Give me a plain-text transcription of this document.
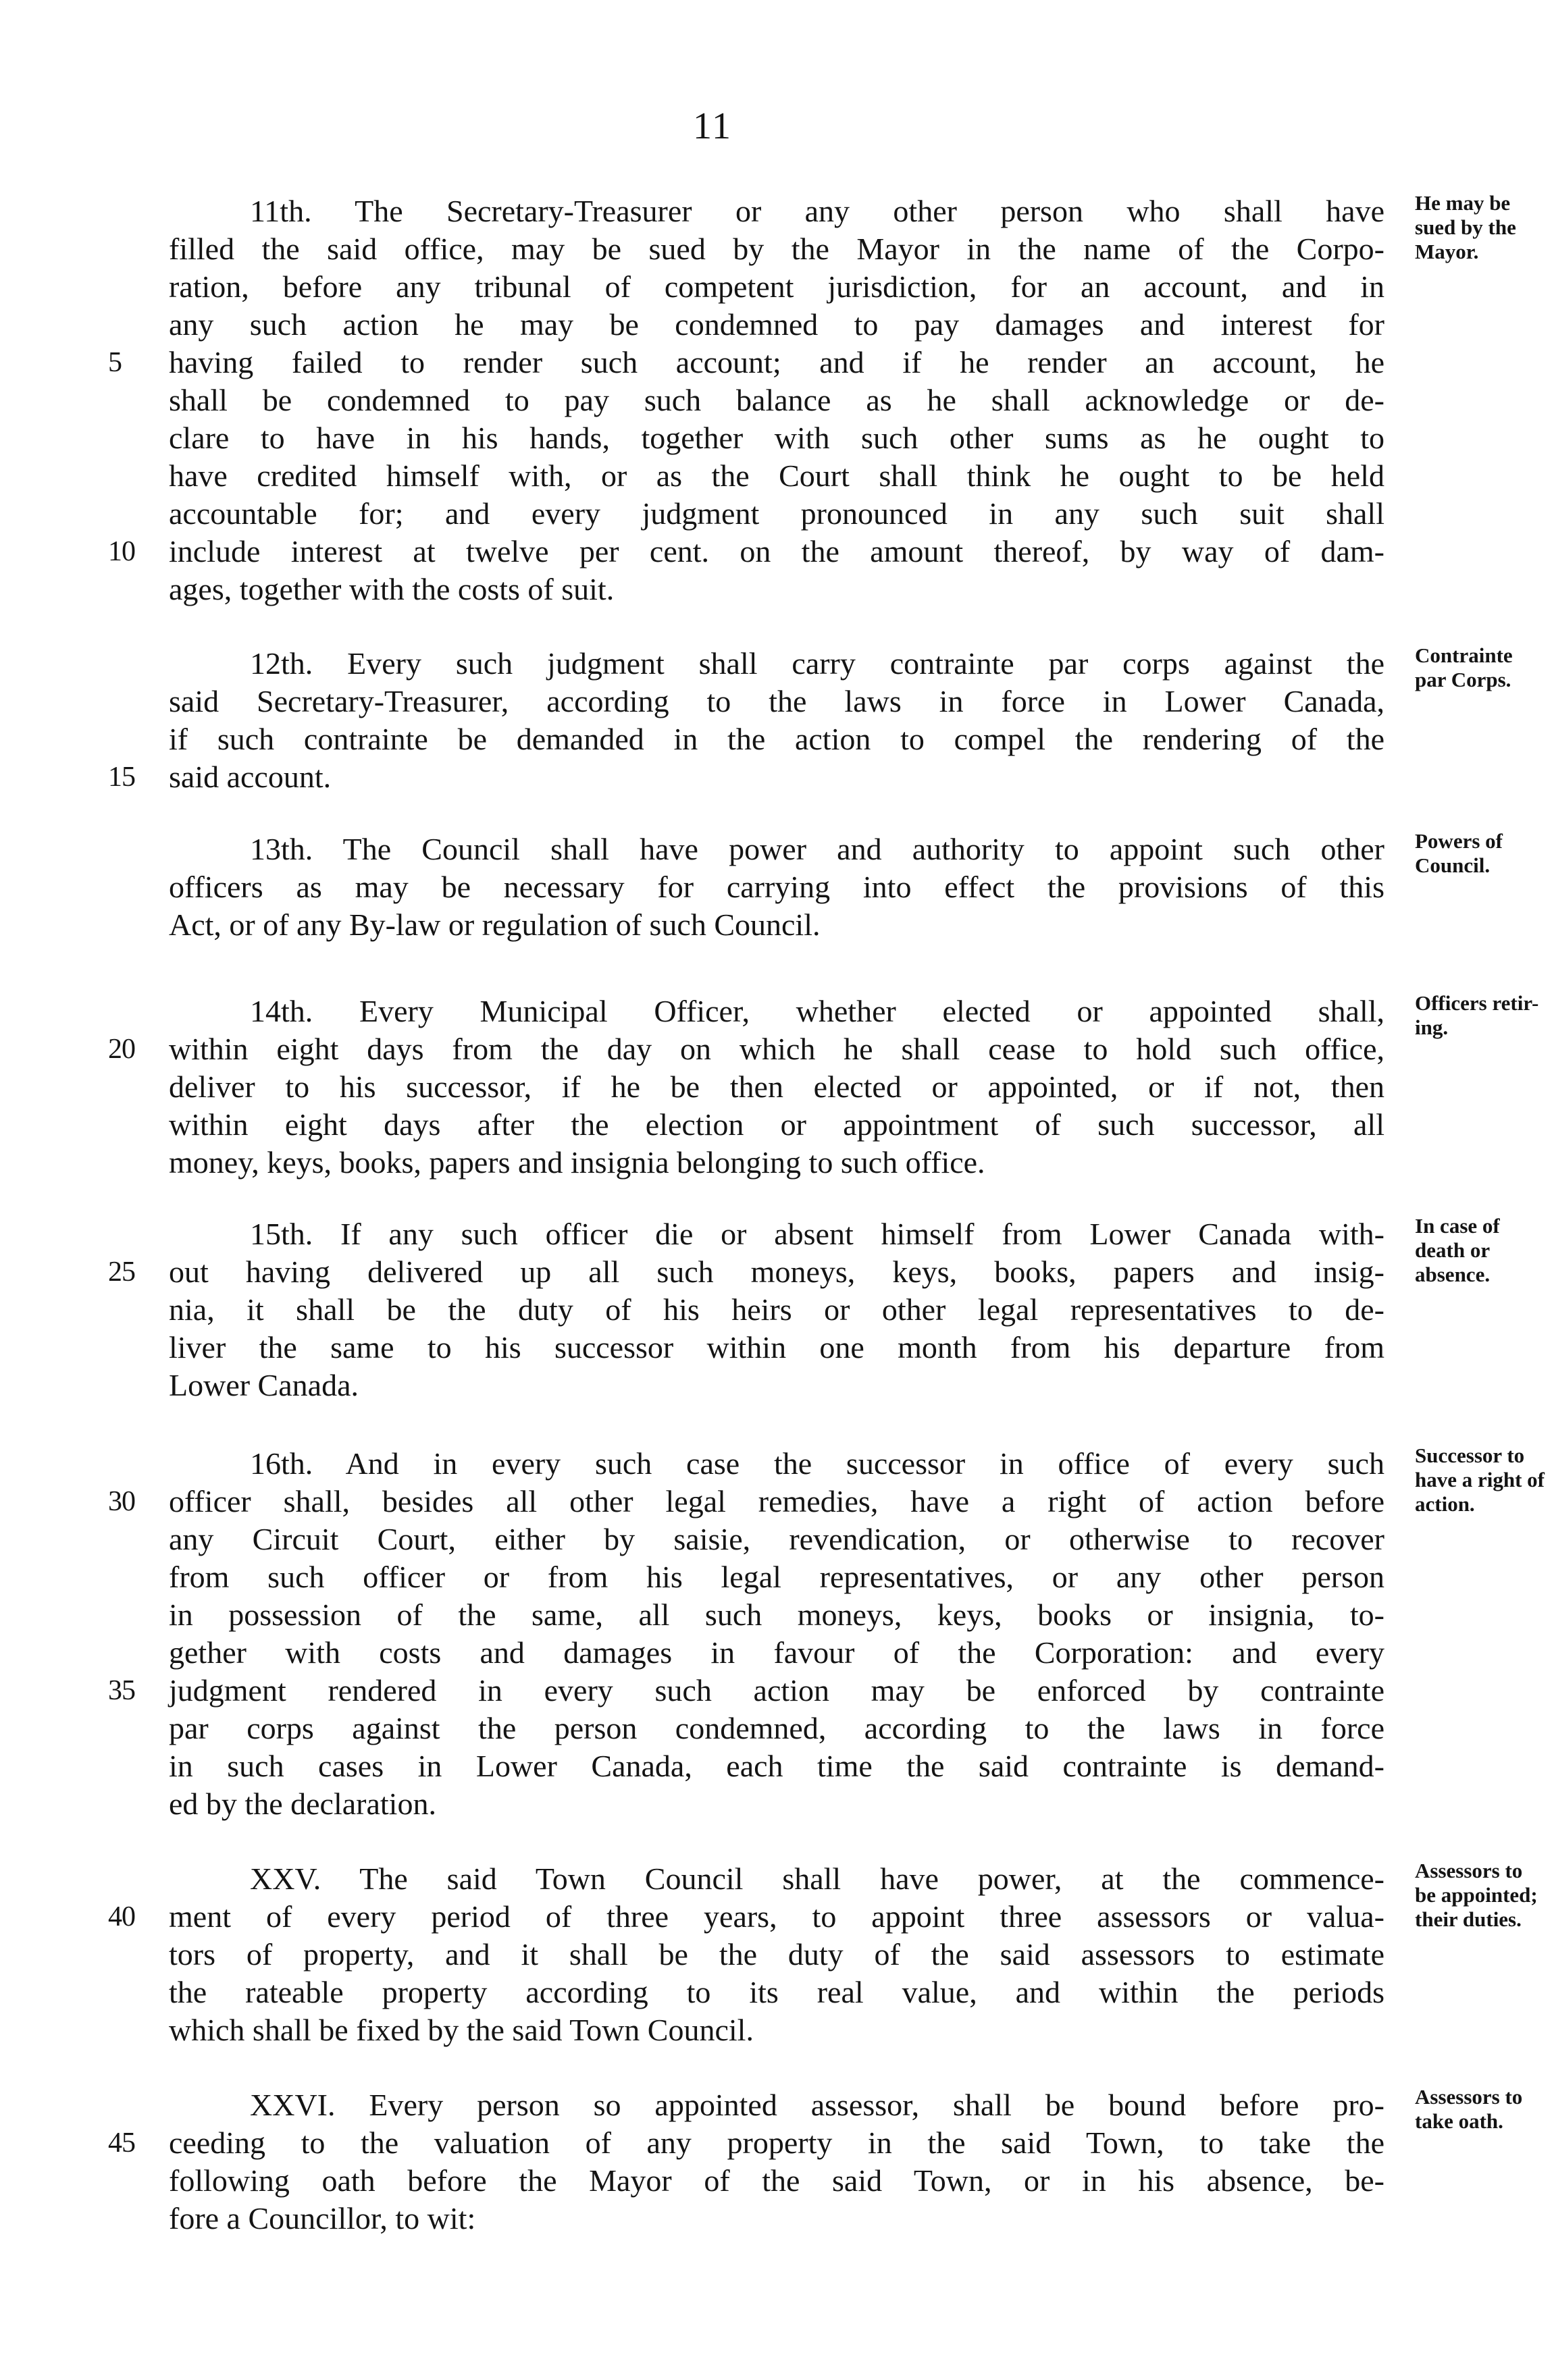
11
11th. The Secretary-Treasurer or any other person who shall have
filled the said office, may be sued by the Mayor in the name of the Corpo-
ration, before any tribunal of competent jurisdiction, for an account, and in
any such action he may be condemned to pay damages and interest for
5	having failed to render such account; and if he render an account, he
shall be condemned to pay such balance as he shall acknowledge or de-
clare to have in his hands, together with such other sums as he ought to
have credited himself with, or as the Court shall think he ought to be held
accountable for; and every judgment pronounced in any such suit shall
10	include interest at twelve per cent. on the amount thereof, by way of dam-
ages, together with the costs of suit.
He may be
sued by the
Mayor.
12th. Every such judgment shall carry contrainte par corps against the
said Secretary-Treasurer, according to the laws in force in Lower Canada,
if such contrainte be demanded in the action to compel the rendering of the
15	said account.
Contrainte
par Corps.
13th. The Council shall have power and authority to appoint such other
officers as may be necessary for carrying into effect the provisions of this
Act, or of any By-law or regulation of such Council.
Powers of
Council.
14th. Every Municipal Officer, whether elected or appointed shall,
20	within eight days from the day on which he shall cease to hold such office,
deliver to his successor, if he be then elected or appointed, or if not, then
within eight days after the election or appointment of such successor, all
money, keys, books, papers and insignia belonging to such office.
Officers retir-
ing.
15th. If any such officer die or absent himself from Lower Canada with-
25	out having delivered up all such moneys, keys, books, papers and insig-
nia, it shall be the duty of his heirs or other legal representatives to de-
liver the same to his successor within one month from his departure from
Lower Canada.
In case of
death or
absence.
16th. And in every such case the successor in office of every such
30	officer shall, besides all other legal remedies, have a right of action before
any Circuit Court, either by saisie, revendication, or otherwise to recover
from such officer or from his legal representatives, or any other person
in possession of the same, all such moneys, keys, books or insignia, to-
gether with costs and damages in favour of the Corporation: and every
35	judgment rendered in every such action may be enforced by contrainte
par corps against the person condemned, according to the laws in force
in such cases in Lower Canada, each time the said contrainte is demand-
ed by the declaration.
Successor to
have a right of
action.
XXV. The said Town Council shall have power, at the commence-
40	ment of every period of three years, to appoint three assessors or valua-
tors of property, and it shall be the duty of the said assessors to estimate
the rateable property according to its real value, and within the periods
which shall be fixed by the said Town Council.
Assessors to
be appointed;
their duties.
XXVI. Every person so appointed assessor, shall be bound before pro-
45	ceeding to the valuation of any property in the said Town, to take the
following oath before the Mayor of the said Town, or in his absence, be-
fore a Councillor, to wit:
Assessors to
take oath.
